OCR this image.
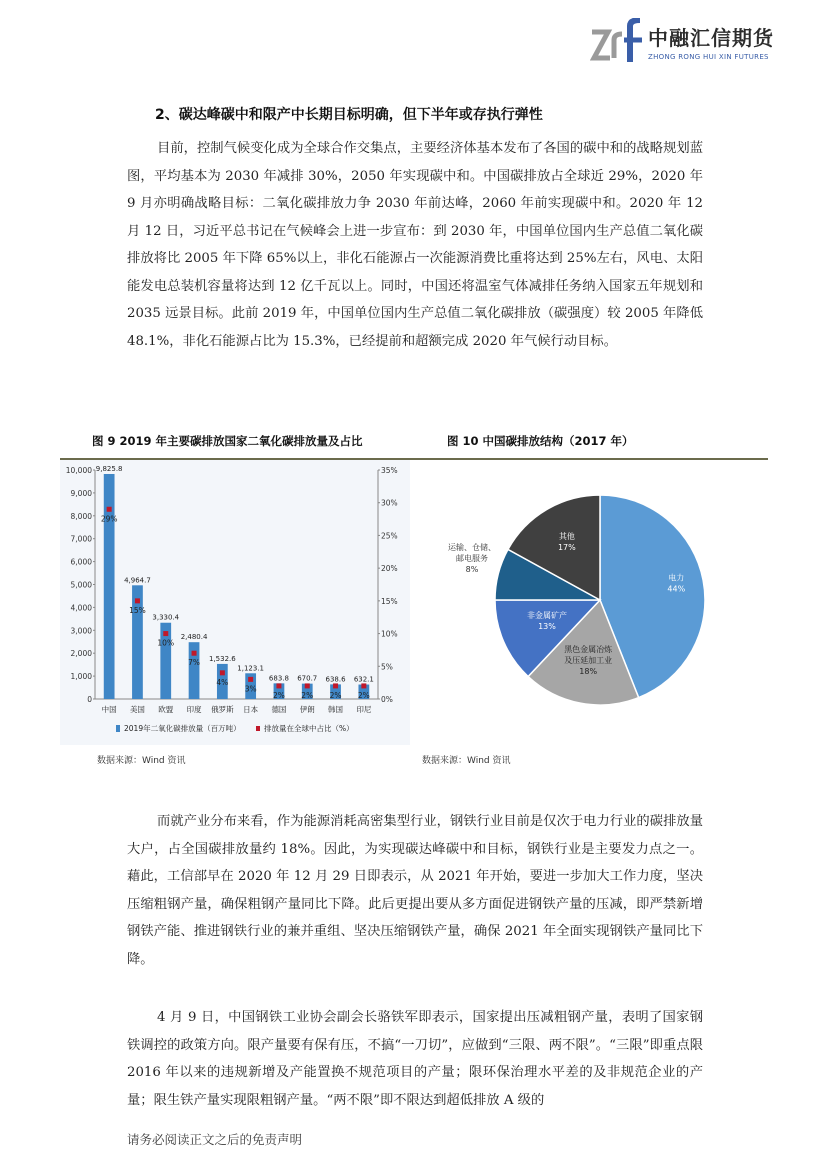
中融汇信期货
ZHONG RONG HUI XIN FUTURES
2、碳达峰碳中和限产中长期目标明确，但下半年或存执行弹性

目前，控制气候变化成为全球合作交集点，主要经济体基本发布了各国的碳中和的战略规划蓝图，平均基本为 2030 年减排 30%，2050 年实现碳中和。中国碳排放占全球近 29%，2020 年 9 月亦明确战略目标：二氧化碳排放力争 2030 年前达峰，2060 年前实现碳中和。2020 年 12 月 12 日，习近平总书记在气候峰会上进一步宣布：到 2030 年，中国单位国内生产总值二氧化碳排放将比 2005 年下降 65%以上，非化石能源占一次能源消费比重将达到 25%左右，风电、太阳能发电总装机容量将达到 12 亿千瓦以上。同时，中国还将温室气体减排任务纳入国家五年规划和 2035 远景目标。此前 2019 年，中国单位国内生产总值二氧化碳排放（碳强度）较 2005 年降低 48.1%，非化石能源占比为 15.3%，已经提前和超额完成 2020 年气候行动目标。

图 9 2019 年主要碳排放国家二氧化碳排放量及占比	图 10 中国碳排放结构（2017 年）
0
1,000
2,000
3,000
4,000
5,000
6,000
7,000
8,000
9,000
10,000
0%
5%
10%
15%
20%
25%
30%
35%
9,825.8
29%
中国
4,964.7
15%
美国
3,330.4
10%
欧盟
2,480.4
7%
印度
1,532.6
4%
俄罗斯
1,123.1
3%
日本
683.8
2%
德国
670.7
2%
伊朗
638.6
2%
韩国
632.1
2%
印尼
2019年二氧化碳排放量（百万吨）	排放量在全球中占比（%）
电力
44%
黑色金属冶炼
及压延加工业
18%
非金属矿产
13%
运输、仓储、
邮电服务
8%
其他
17%
数据来源：Wind 资讯	数据来源：Wind 资讯

而就产业分布来看，作为能源消耗高密集型行业，钢铁行业目前是仅次于电力行业的碳排放量大户，占全国碳排放量约 18%。因此，为实现碳达峰碳中和目标，钢铁行业是主要发力点之一。藉此，工信部早在 2020 年 12 月 29 日即表示，从 2021 年开始，要进一步加大工作力度，坚决压缩粗钢产量，确保粗钢产量同比下降。此后更提出要从多方面促进钢铁产量的压减，即严禁新增钢铁产能、推进钢铁行业的兼并重组、坚决压缩钢铁产量，确保 2021 年全面实现钢铁产量同比下降。

4 月 9 日，中国钢铁工业协会副会长骆铁军即表示，国家提出压减粗钢产量，表明了国家钢铁调控的政策方向。限产量要有保有压，不搞“一刀切”，应做到“三限、两不限”。“三限”即重点限 2016 年以来的违规新增及产能置换不规范项目的产量；限环保治理水平差的及非规范企业的产量；限生铁产量实现限粗钢产量。“两不限”即不限达到超低排放 A 级的

请务必阅读正文之后的免责声明
